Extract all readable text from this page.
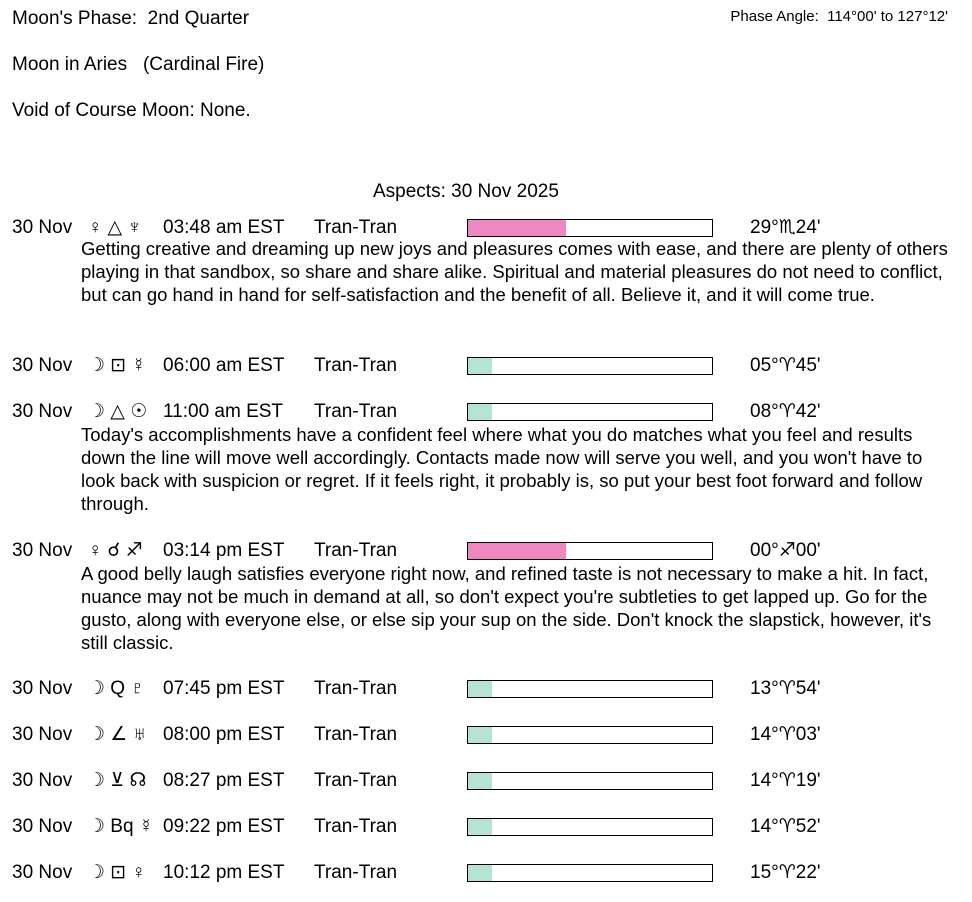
Moon's Phase:  2nd Quarter	Phase Angle:  114°00' to 127°12'
Moon in Aries   (Cardinal Fire)
Void of Course Moon: None.
Aspects: 30 Nov 2025
30 Nov ♀ △ ♆ 03:48 am EST Tran-Tran	29°♏24'
Getting creative and dreaming up new joys and pleasures comes with ease, and there are plenty of others playing in that sandbox, so share and share alike. Spiritual and material pleasures do not need to conflict, but can go hand in hand for self-satisfaction and the benefit of all. Believe it, and it will come true.
30 Nov ☽ ⊡ ☿ 06:00 am EST Tran-Tran	05°♈45'
30 Nov ☽ △ ☉ 11:00 am EST Tran-Tran	08°♈42'
Today's accomplishments have a confident feel where what you do matches what you feel and results down the line will move well accordingly. Contacts made now will serve you well, and you won't have to look back with suspicion or regret. If it feels right, it probably is, so put your best foot forward and follow through.
30 Nov ♀ ☌ ♐ 03:14 pm EST Tran-Tran	00°♐00'
A good belly laugh satisfies everyone right now, and refined taste is not necessary to make a hit. In fact, nuance may not be much in demand at all, so don't expect you're subtleties to get lapped up. Go for the gusto, along with everyone else, or else sip your sup on the side. Don't knock the slapstick, however, it's still classic.
30 Nov ☽ Q ♇ 07:45 pm EST Tran-Tran	13°♈54'
30 Nov ☽ ∠ ♅ 08:00 pm EST Tran-Tran	14°♈03'
30 Nov ☽ ⊻ ☊ 08:27 pm EST Tran-Tran	14°♈19'
30 Nov ☽ Bq ☿ 09:22 pm EST Tran-Tran	14°♈52'
30 Nov ☽ ⊡ ♀ 10:12 pm EST Tran-Tran	15°♈22'
